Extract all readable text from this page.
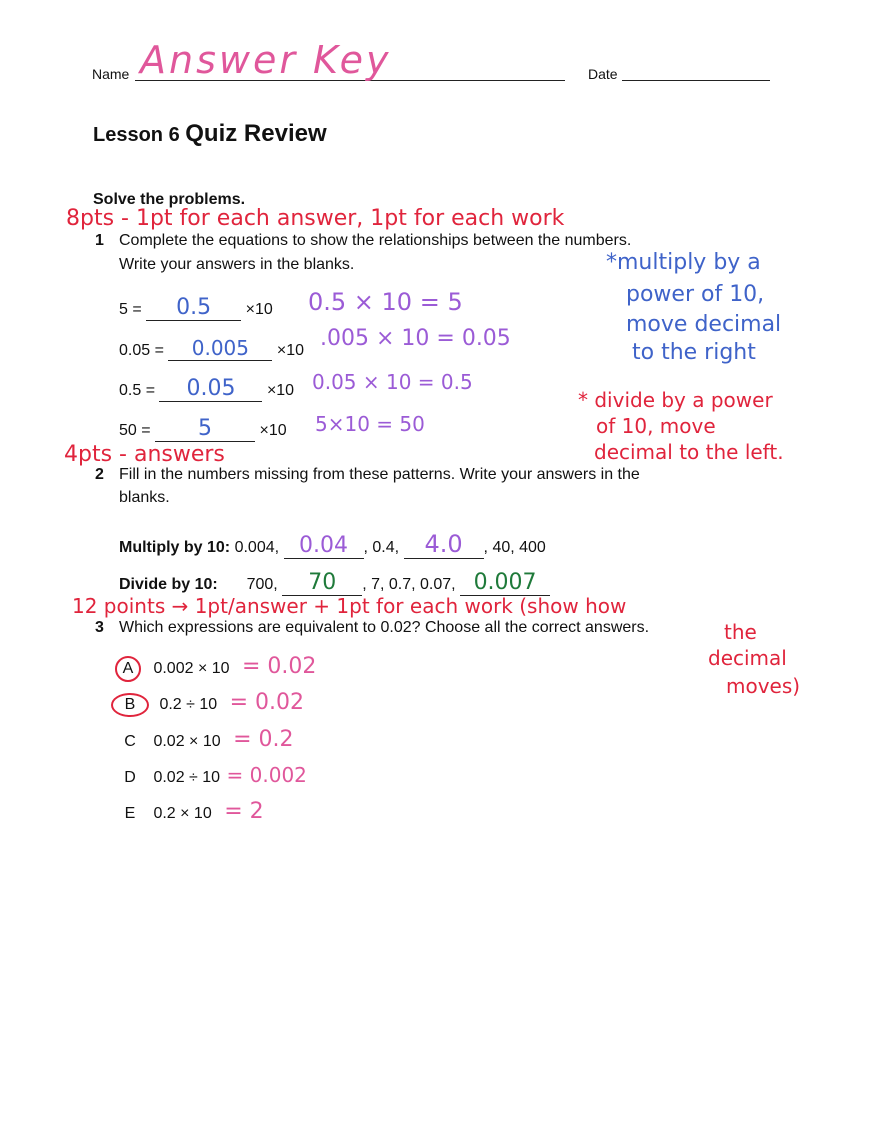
Name Answer Key	Date
Lesson 6 Quiz Review
Solve the problems.
8pts - 1pt for each answer, 1pt for each work
1 Complete the equations to show the relationships between the numbers.
Write your answers in the blanks.
5 = 0.5 ×10 0.5 × 10 = 5
0.05 = 0.005 ×10 .005 × 10 = 0.05
0.5 = 0.05 ×10 0.05 × 10 = 0.5
50 = 5	×10 5×10 = 50
*multiply by a
power of 10,
move decimal
to the right
* divide by a power
of 10, move
decimal to the left.
4pts - answers
2 Fill in the numbers missing from these patterns. Write your answers in the
blanks.
Multiply by 10: 0.004, 0.04 , 0.4, 4.0 , 40, 400
Divide by 10: 700, 70 , 7, 0.7, 0.07, 0.007
12 points → 1pt/answer + 1pt for each work (show how
3 Which expressions are equivalent to 0.02? Choose all the correct answers.	the
decimal
moves)
A 0.002 × 10 = 0.02
B 0.2 ÷ 10 = 0.02
C 0.02 × 10 = 0.2
D 0.02 ÷ 10 = 0.002
E 0.2 × 10 = 2
